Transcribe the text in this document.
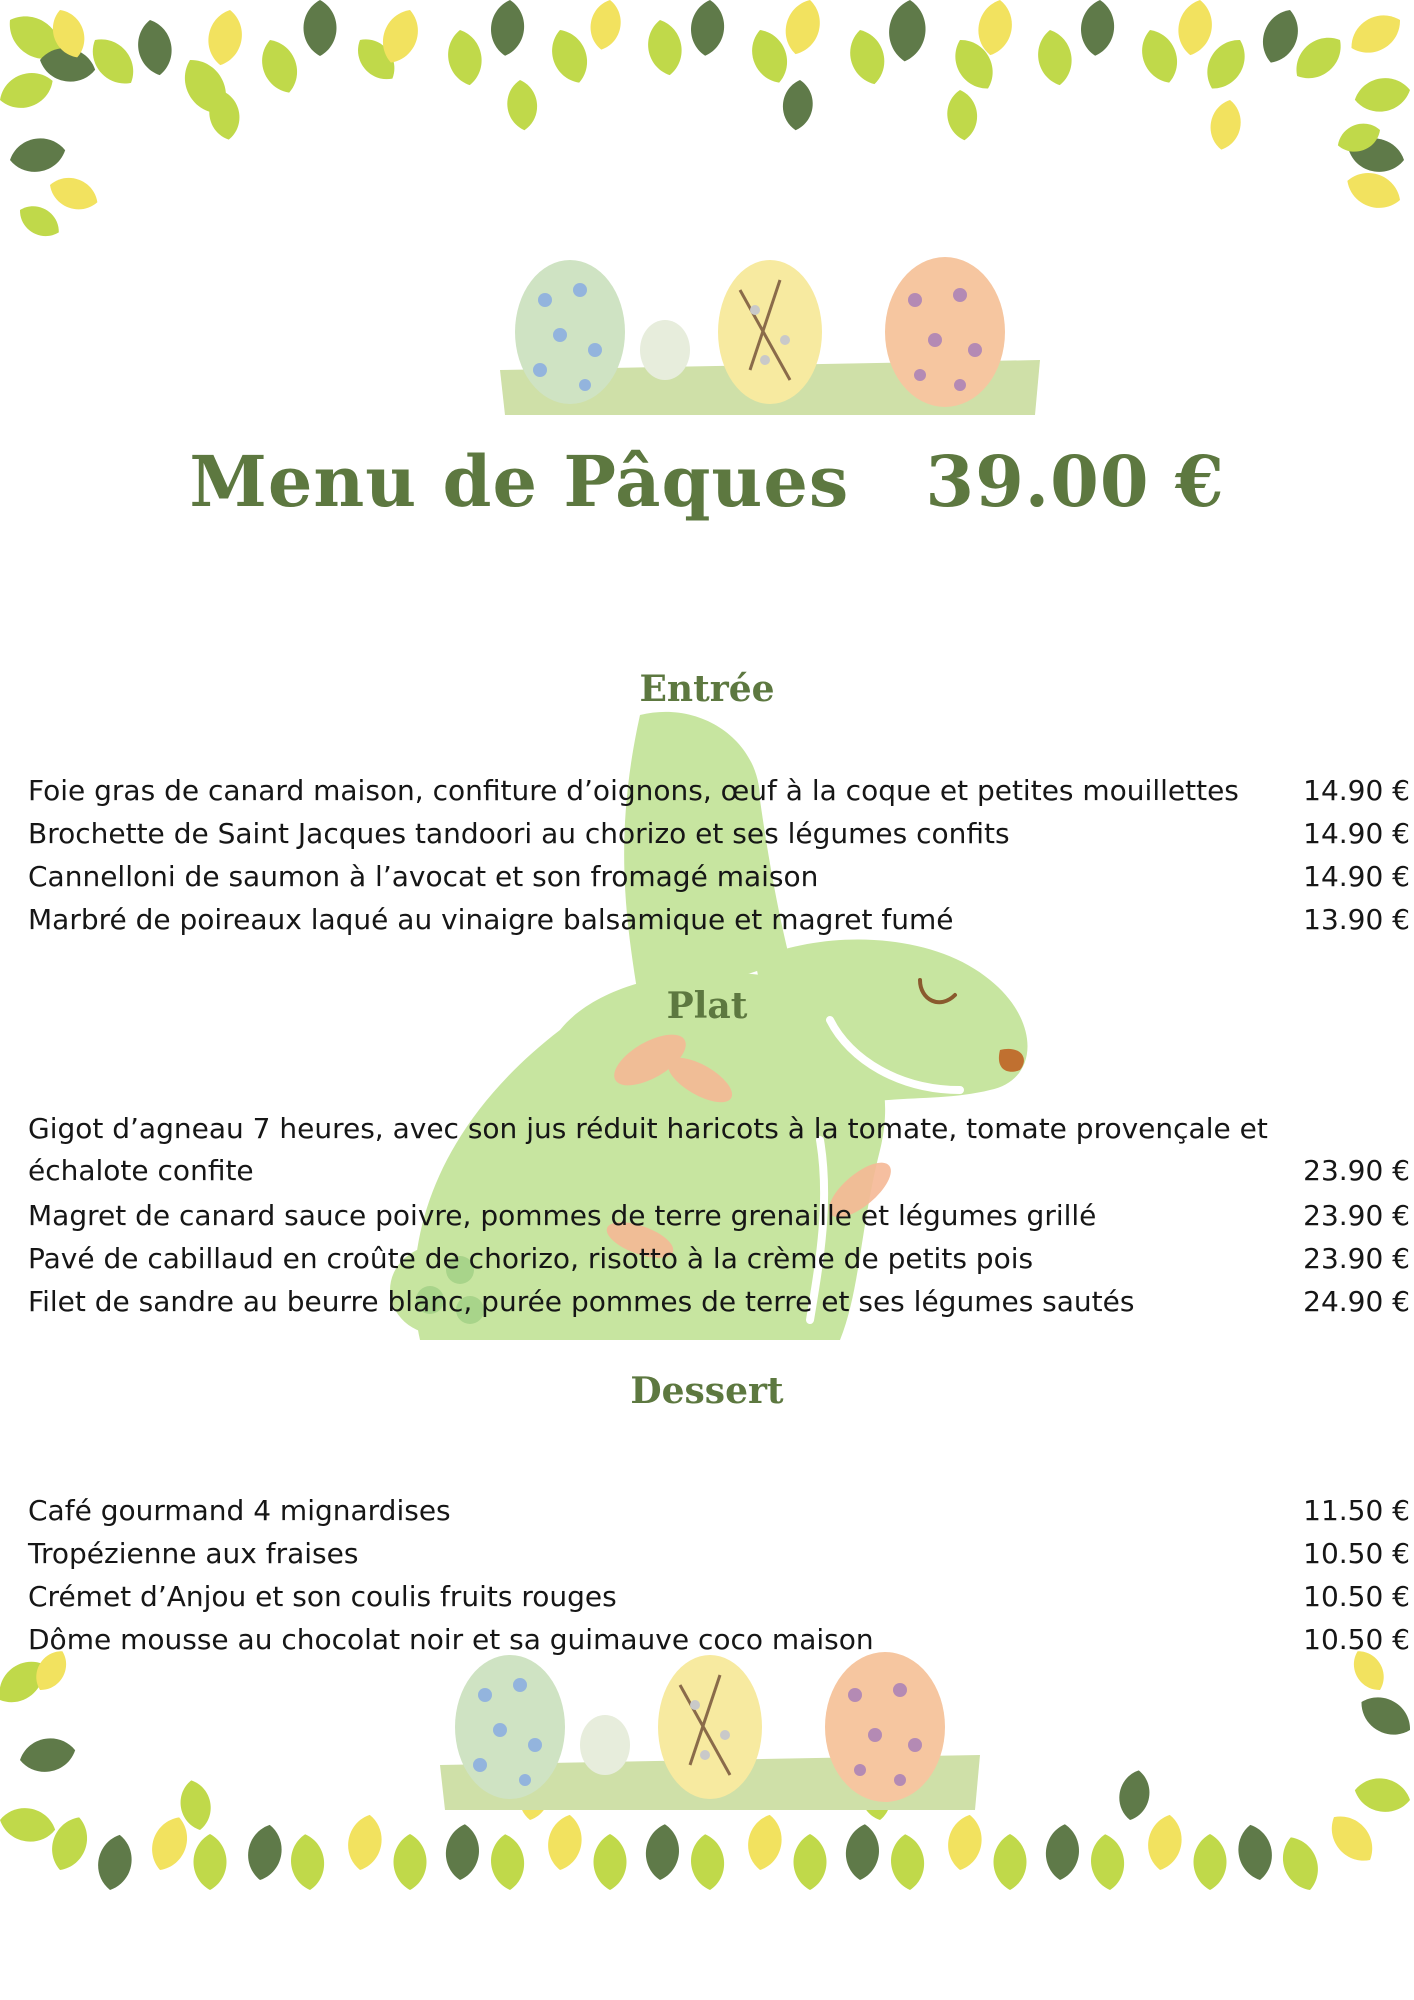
Menu de Pâques   39.00 €
Entrée
Foie gras de canard maison, confiture d’oignons, œuf à la coque et petites mouillettes 14.90 €
Brochette de Saint Jacques tandoori au chorizo et ses légumes confits	14.90 €
Cannelloni de saumon à l’avocat et son fromagé maison	14.90 €
Marbré de poireaux laqué au vinaigre balsamique et magret fumé	13.90 €
Plat
Gigot d’agneau 7 heures, avec son jus réduit haricots à la tomate, tomate provençale et échalote confite	23.90 €
Magret de canard sauce poivre, pommes de terre grenaille et légumes grillé	23.90 €
Pavé de cabillaud en croûte de chorizo, risotto à la crème de petits pois	23.90 €
Filet de sandre au beurre blanc, purée pommes de terre et ses légumes sautés	24.90 €
Dessert
Café gourmand 4 mignardises	11.50 €
Tropézienne aux fraises	10.50 €
Crémet d’Anjou et son coulis fruits rouges	10.50 €
Dôme mousse au chocolat noir et sa guimauve coco maison	10.50 €
